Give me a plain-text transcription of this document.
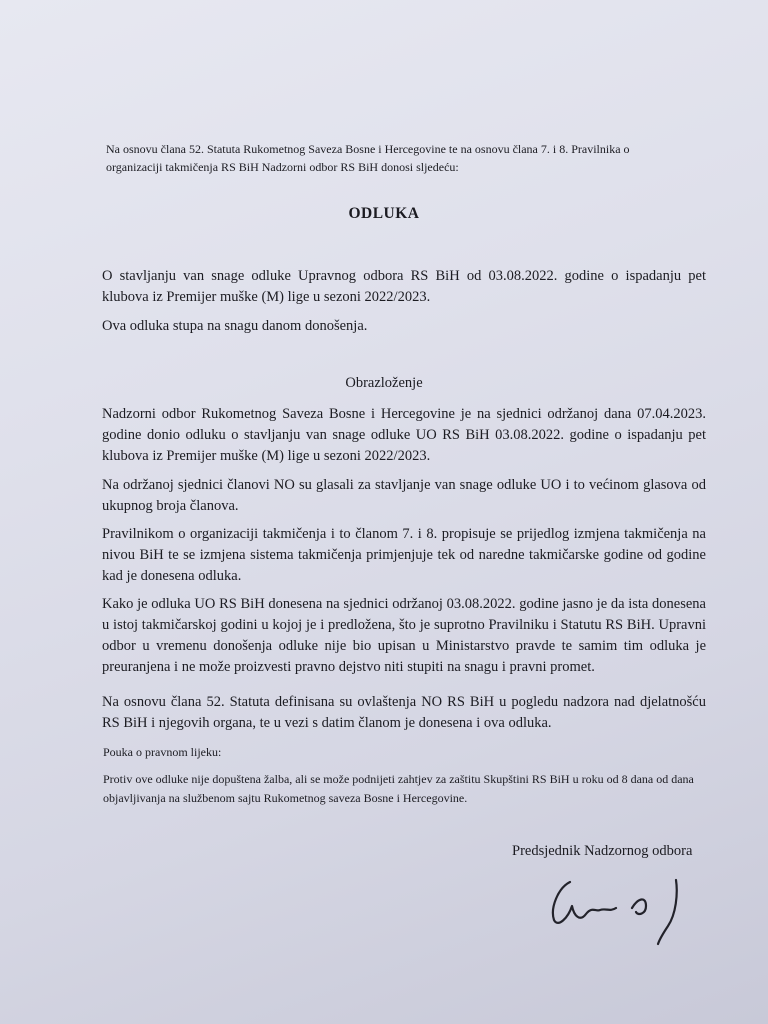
Na osnovu člana 52. Statuta Rukometnog Saveza Bosne i Hercegovine te na osnovu člana 7. i 8. Pravilnika o organizaciji takmičenja RS BiH Nadzorni odbor RS BiH donosi sljedeću:
ODLUKA
O stavljanju van snage odluke Upravnog odbora RS BiH od 03.08.2022. godine o ispadanju pet klubova iz Premijer muške (M) lige u sezoni 2022/2023.
Ova odluka stupa na snagu danom donošenja.
Obrazloženje
Nadzorni odbor Rukometnog Saveza Bosne i Hercegovine je na sjednici održanoj dana 07.04.2023. godine donio odluku o stavljanju van snage odluke UO RS BiH 03.08.2022. godine o ispadanju pet klubova iz Premijer muške (M) lige u sezoni 2022/2023.
Na održanoj sjednici članovi NO su glasali za stavljanje van snage odluke UO i to većinom glasova od ukupnog broja članova.
Pravilnikom o organizaciji takmičenja i to članom 7. i 8. propisuje se prijedlog izmjena takmičenja na nivou BiH te se izmjena sistema takmičenja primjenjuje tek od naredne takmičarske godine od godine kad je donesena odluka.
Kako je odluka UO RS BiH donesena na sjednici održanoj 03.08.2022. godine jasno je da ista donesena u istoj takmičarskoj godini u kojoj je i predložena, što je suprotno Pravilniku i Statutu RS BiH. Upravni odbor u vremenu donošenja odluke nije bio upisan u Ministarstvo pravde te samim tim odluka je preuranjena i ne može proizvesti pravno dejstvo niti stupiti na snagu i pravni promet.
Na osnovu člana 52. Statuta definisana su ovlaštenja NO RS BiH u pogledu nadzora nad djelatnošću RS BiH i njegovih organa, te u vezi s datim članom je donesena i ova odluka.
Pouka o pravnom lijeku:
Protiv ove odluke nije dopuštena žalba, ali se može podnijeti zahtjev za zaštitu Skupštini RS BiH u roku od 8 dana od dana objavljivanja na službenom sajtu Rukometnog saveza Bosne i Hercegovine.
Predsjednik Nadzornog odbora
